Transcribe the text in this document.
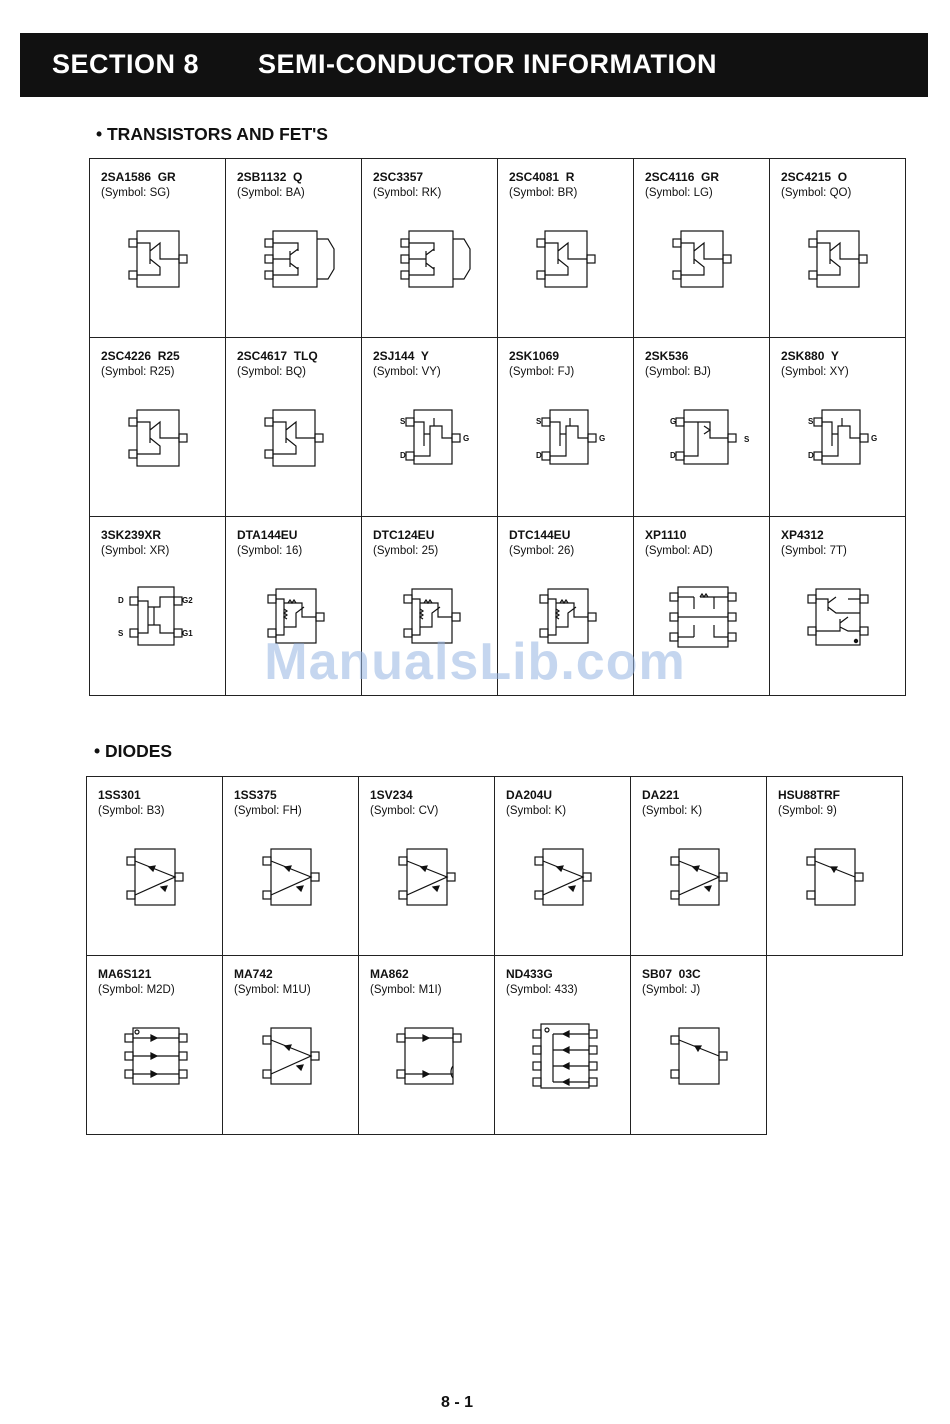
SECTION 8 SEMI-CONDUCTOR INFORMATION
• TRANSISTORS AND FET'S
2SA1586  GR
(Symbol: SG)
2SB1132  Q
(Symbol: BA)
2SC3357
(Symbol: RK)
2SC4081  R
(Symbol: BR)
2SC4116  GR
(Symbol: LG)
2SC4215  O
(Symbol: QO)
2SC4226  R25
(Symbol: R25)
2SC4617  TLQ
(Symbol: BQ)
2SJ144  Y
(Symbol: VY)
S
D
G
2SK1069
(Symbol: FJ)
S
D
G
2SK536
(Symbol: BJ)
G
D
S
2SK880  Y
(Symbol: XY)
S
D
G
3SK239XR
(Symbol: XR)
D
S
G2
G1
DTA144EU
(Symbol: 16)
DTC124EU
(Symbol: 25)
DTC144EU
(Symbol: 26)
XP1110
(Symbol: AD)
XP4312
(Symbol: 7T)
• DIODES
1SS301
(Symbol: B3)
1SS375
(Symbol: FH)
1SV234
(Symbol: CV)
DA204U
(Symbol: K)
DA221
(Symbol: K)
HSU88TRF
(Symbol: 9)
MA6S121
(Symbol: M2D)
MA742
(Symbol: M1U)
MA862
(Symbol: M1I)
ND433G
(Symbol: 433)
SB07  03C
(Symbol: J)
ManualsLib.com
8 - 1
